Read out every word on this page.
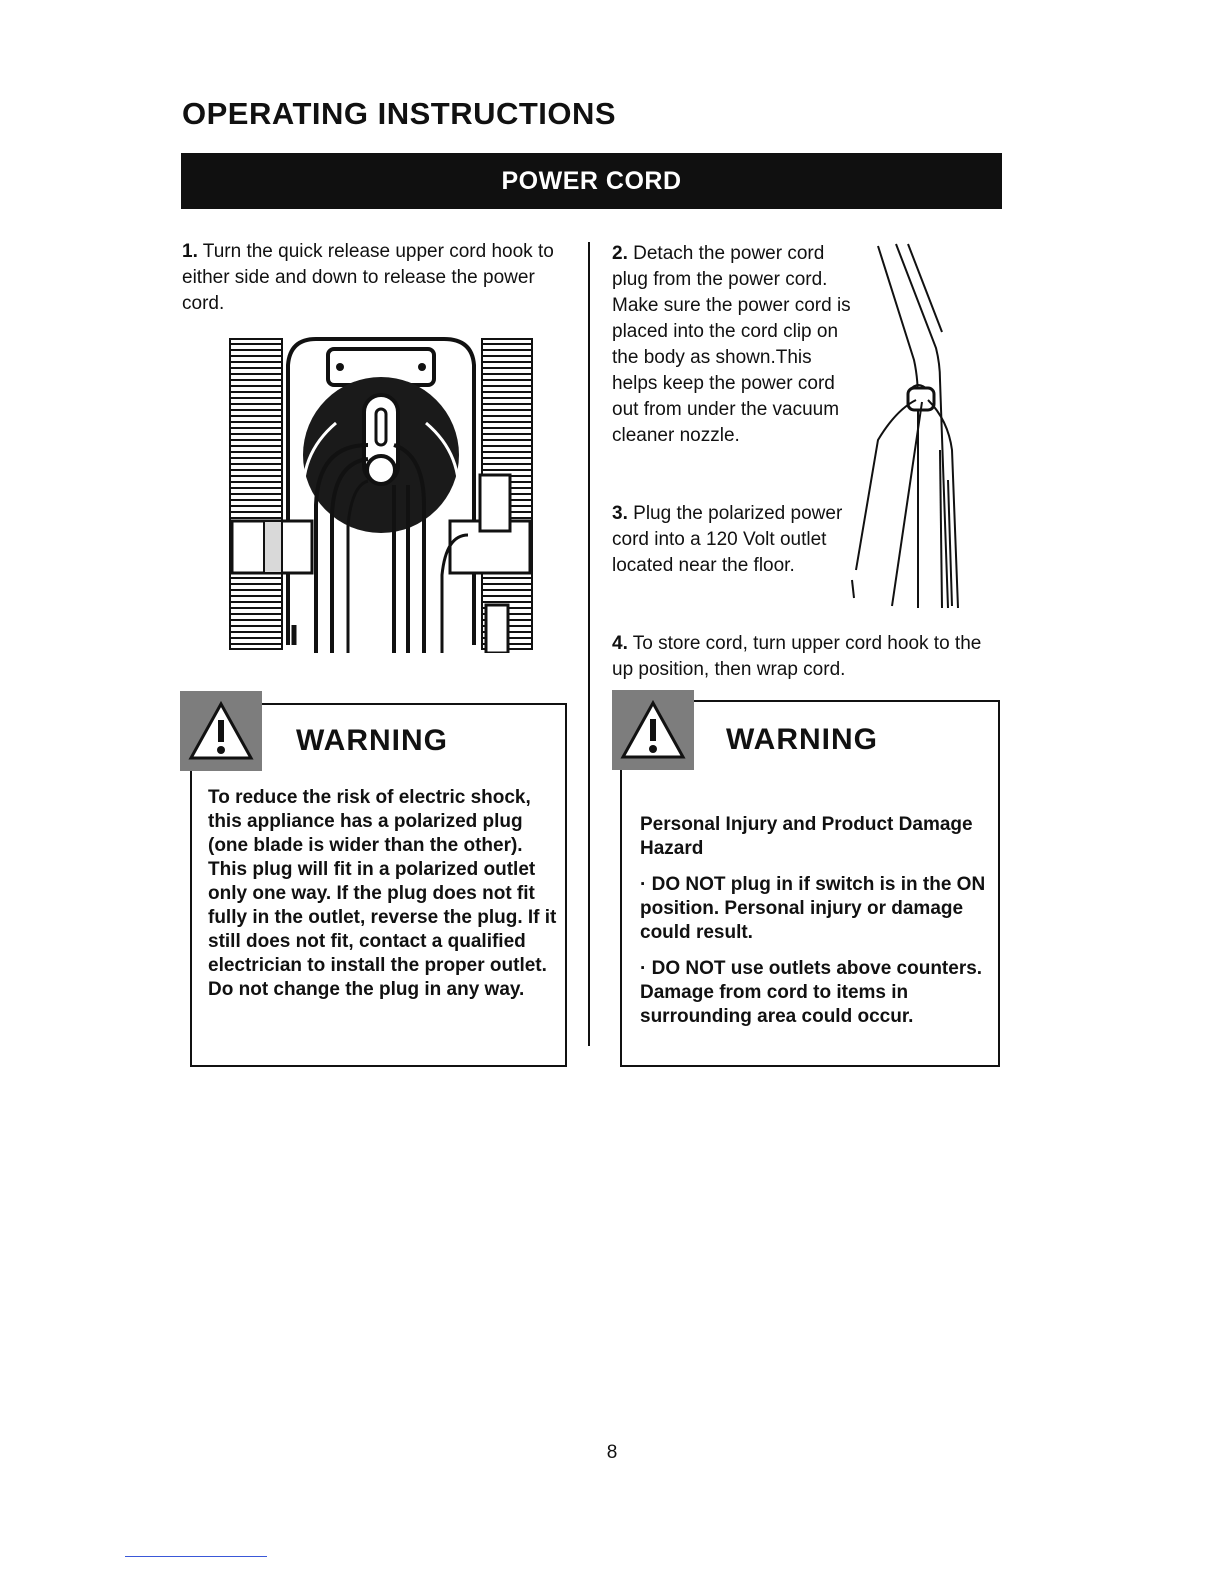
OPERATING INSTRUCTIONS
POWER CORD

1. Turn the quick release upper cord hook to either side and down to release the power cord.

WARNING

To reduce the risk of electric shock, this appliance has a polarized plug (one blade is wider than the other). This plug will fit in a polarized outlet only one way. If the plug does not fit fully in the outlet, reverse the plug. If it still does not fit, contact a qualified electrician to install the proper outlet. Do not change the plug in any way.

2. Detach the power cord plug from the power cord. Make sure the power cord is placed into the cord clip on the body as shown.This helps keep the power cord out from under the vacuum cleaner nozzle.

3. Plug the polarized power cord into a 120 Volt outlet located near the floor.

4. To store cord, turn upper cord hook to the up position, then wrap cord.

WARNING

Personal Injury and Product Damage Hazard

· DO NOT plug in if switch is in the ON position. Personal injury or damage could result.

· DO NOT use outlets above counters. Damage from cord to items in surrounding area could occur.

8
